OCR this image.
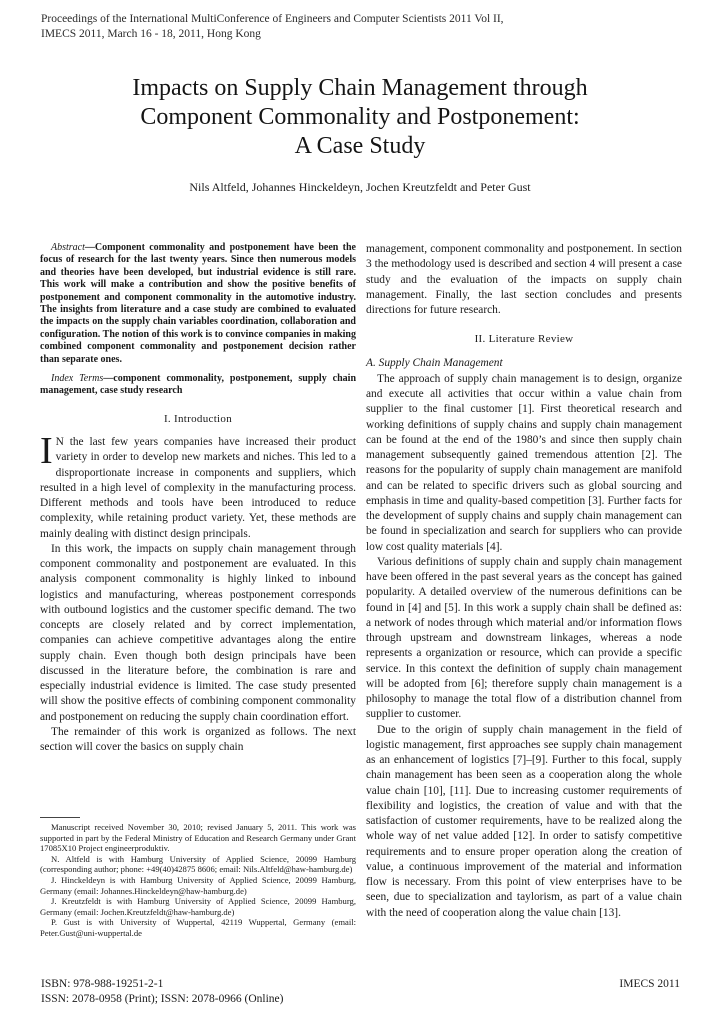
Proceedings of the International MultiConference of Engineers and Computer Scientists 2011 Vol II,
IMECS 2011, March 16 - 18, 2011, Hong Kong
Impacts on Supply Chain Management through
Component Commonality and Postponement:
A Case Study
Nils Altfeld, Johannes Hinckeldeyn, Jochen Kreutzfeldt and Peter Gust

Abstract—Component commonality and postponement have been the focus of research for the last twenty years. Since then numerous models and theories have been developed, but industrial evidence is still rare. This work will make a contribution and show the positive benefits of postponement and component commonality in the automotive industry. The insights from literature and a case study are combined to evaluated the impacts on the supply chain variables coordination, collaboration and configuration. The notion of this work is to convince companies in making combined component commonality and postponement decision rather than separate ones.

Index Terms—component commonality, postponement, supply chain management, case study research

I. Introduction

I N the last few years companies have increased their product variety in order to develop new markets and niches. This led to a disproportionate increase in components and suppliers, which resulted in a high level of complexity in the manufacturing process. Different methods and tools have been introduced to reduce complexity, while retaining product variety. Yet, these methods are mainly dealing with distinct design principals.

In this work, the impacts on supply chain management through component commonality and postponement are evaluated. In this analysis component commonality is highly linked to inbound logistics and manufacturing, whereas postponement corresponds with outbound logistics and the customer specific demand. The two concepts are closely related and by correct implementation, companies can achieve competitive advantages along the entire supply chain. Even though both design principals have been discussed in the literature before, the combination is rare and especially industrial evidence is limited. The case study presented will show the positive effects of combining component commonality and postponement on reducing the supply chain coordination effort.

The remainder of this work is organized as follows. The next section will cover the basics on supply chain

Manuscript received November 30, 2010; revised January 5, 2011. This work was supported in part by the Federal Ministry of Education and Research Germany under Grant 17085X10 Project engineerproduktiv.

N. Altfeld is with Hamburg University of Applied Science, 20099 Hamburg (corresponding author; phone: +49(40)42875 8606; email: Nils.Altfeld@haw-hamburg.de)

J. Hinckeldeyn is with Hamburg University of Applied Science, 20099 Hamburg, Germany (email: Johannes.Hinckeldeyn@haw-hamburg.de)

J. Kreutzfeldt is with Hamburg University of Applied Science, 20099 Hamburg, Germany (email: Jochen.Kreutzfeldt@haw-hamburg.de)

P. Gust is with University of Wuppertal, 42119 Wuppertal, Germany (email: Peter.Gust@uni-wuppertal.de

management, component commonality and postponement. In section 3 the methodology used is described and section 4 will present a case study and the evaluation of the impacts on supply chain management. Finally, the last section concludes and presents directions for future research.

II. Literature Review

A. Supply Chain Management

The approach of supply chain management is to design, organize and execute all activities that occur within a value chain from supplier to the final customer [1]. First theoretical research and working definitions of supply chains and supply chain management can be found at the end of the 1980’s and since then supply chain management subsequently gained tremendous attention [2]. The reasons for the popularity of supply chain management are manifold and can be related to specific drivers such as global sourcing and emphasis in time and quality-based competition [3]. Further facts for the development of supply chains and supply chain management can be found in specialization and search for suppliers who can provide low cost quality materials [4].

Various definitions of supply chain and supply chain management have been offered in the past several years as the concept has gained popularity. A detailed overview of the numerous definitions can be found in [4] and [5]. In this work a supply chain shall be defined as: a network of nodes through which material and/or information flows through upstream and downstream linkages, whereas a node represents a organization or resource, which can provide a specific service. In this context the definition of supply chain management will be adopted from [6]; therefore supply chain management is a philosophy to manage the total flow of a distribution channel from supplier to customer.

Due to the origin of supply chain management in the field of logistic management, first approaches see supply chain management as an enhancement of logistics [7]–[9]. Further to this focal, supply chain management has been seen as a cooperation along the whole value chain [10], [11]. Due to increasing customer requirements of flexibility and logistics, the creation of value and with that the satisfaction of customer requirements, have to be realized along the whole way of net value added [12]. In order to satisfy competitive requirements and to ensure proper operation along the creation of value, a continuous improvement of the material and information flow is necessary. From this point of view enterprises have to be seen, due to specialization and taylorism, as part of a value chain with the need of cooperation along the value chain [13].

ISBN: 978-988-19251-2-1
ISSN: 2078-0958 (Print); ISSN: 2078-0966 (Online)
IMECS 2011
